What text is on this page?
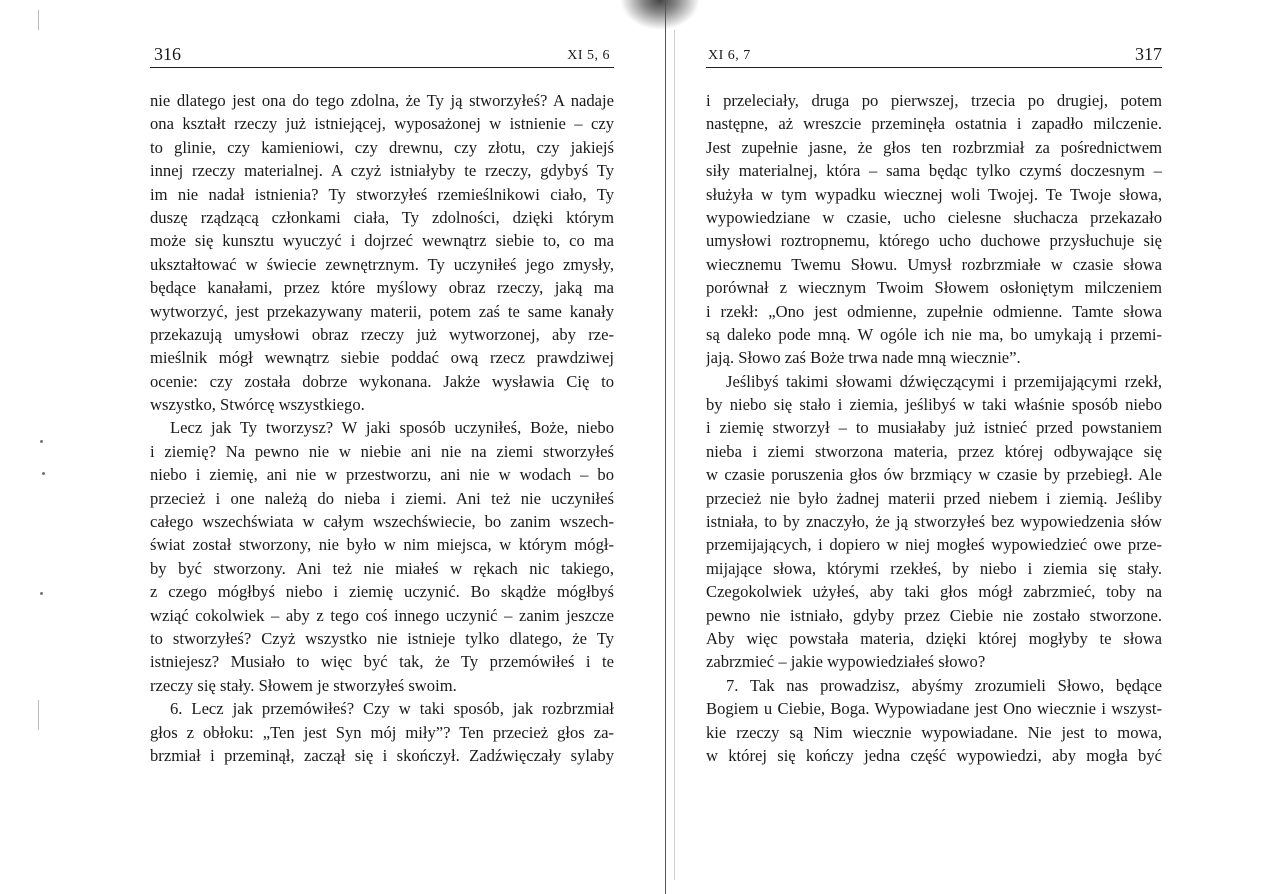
316	XI 5, 6
nie dlatego jest ona do tego zdolna, że Ty ją stworzyłeś? A nadaje
ona kształt rzeczy już istniejącej, wyposażonej w istnienie – czy
to glinie, czy kamieniowi, czy drewnu, czy złotu, czy jakiejś
innej rzeczy materialnej. A czyż istniałyby te rzeczy, gdybyś Ty
im nie nadał istnienia? Ty stworzyłeś rzemieślnikowi ciało, Ty
duszę rządzącą członkami ciała, Ty zdolności, dzięki którym
może się kunsztu wyuczyć i dojrzeć wewnątrz siebie to, co ma
ukształtować w świecie zewnętrznym. Ty uczyniłeś jego zmysły,
będące kanałami, przez które myślowy obraz rzeczy, jaką ma
wytworzyć, jest przekazywany materii, potem zaś te same kanały
przekazują umysłowi obraz rzeczy już wytworzonej, aby rze-
mieślnik mógł wewnątrz siebie poddać ową rzecz prawdziwej
ocenie: czy została dobrze wykonana. Jakże wysławia Cię to
wszystko, Stwórcę wszystkiego.
Lecz jak Ty tworzysz? W jaki sposób uczyniłeś, Boże, niebo
i ziemię? Na pewno nie w niebie ani nie na ziemi stworzyłeś
niebo i ziemię, ani nie w przestworzu, ani nie w wodach – bo
przecież i one należą do nieba i ziemi. Ani też nie uczyniłeś
całego wszechświata w całym wszechświecie, bo zanim wszech-
świat został stworzony, nie było w nim miejsca, w którym mógł-
by być stworzony. Ani też nie miałeś w rękach nic takiego,
z czego mógłbyś niebo i ziemię uczynić. Bo skądże mógłbyś
wziąć cokolwiek – aby z tego coś innego uczynić – zanim jeszcze
to stworzyłeś? Czyż wszystko nie istnieje tylko dlatego, że Ty
istniejesz? Musiało to więc być tak, że Ty przemówiłeś i te
rzeczy się stały. Słowem je stworzyłeś swoim.
6. Lecz jak przemówiłeś? Czy w taki sposób, jak rozbrzmiał
głos z obłoku: „Ten jest Syn mój miły”? Ten przecież głos za-
brzmiał i przeminął, zaczął się i skończył. Zadźwięczały sylaby
XI 6, 7	317
i przeleciały, druga po pierwszej, trzecia po drugiej, potem
następne, aż wreszcie przeminęła ostatnia i zapadło milczenie.
Jest zupełnie jasne, że głos ten rozbrzmiał za pośrednictwem
siły materialnej, która – sama będąc tylko czymś doczesnym –
służyła w tym wypadku wiecznej woli Twojej. Te Twoje słowa,
wypowiedziane w czasie, ucho cielesne słuchacza przekazało
umysłowi roztropnemu, którego ucho duchowe przysłuchuje się
wiecznemu Twemu Słowu. Umysł rozbrzmiałe w czasie słowa
porównał z wiecznym Twoim Słowem osłoniętym milczeniem
i rzekł: „Ono jest odmienne, zupełnie odmienne. Tamte słowa
są daleko pode mną. W ogóle ich nie ma, bo umykają i przemi-
jają. Słowo zaś Boże trwa nade mną wiecznie”.
Jeślibyś takimi słowami dźwięczącymi i przemijającymi rzekł,
by niebo się stało i ziemia, jeślibyś w taki właśnie sposób niebo
i ziemię stworzył – to musiałaby już istnieć przed powstaniem
nieba i ziemi stworzona materia, przez której odbywające się
w czasie poruszenia głos ów brzmiący w czasie by przebiegł. Ale
przecież nie było żadnej materii przed niebem i ziemią. Jeśliby
istniała, to by znaczyło, że ją stworzyłeś bez wypowiedzenia słów
przemijających, i dopiero w niej mogłeś wypowiedzieć owe prze-
mijające słowa, którymi rzekłeś, by niebo i ziemia się stały.
Czegokolwiek użyłeś, aby taki głos mógł zabrzmieć, toby na
pewno nie istniało, gdyby przez Ciebie nie zostało stworzone.
Aby więc powstała materia, dzięki której mogłyby te słowa
zabrzmieć – jakie wypowiedziałeś słowo?
7. Tak nas prowadzisz, abyśmy zrozumieli Słowo, będące
Bogiem u Ciebie, Boga. Wypowiadane jest Ono wiecznie i wszyst-
kie rzeczy są Nim wiecznie wypowiadane. Nie jest to mowa,
w której się kończy jedna część wypowiedzi, aby mogła być
